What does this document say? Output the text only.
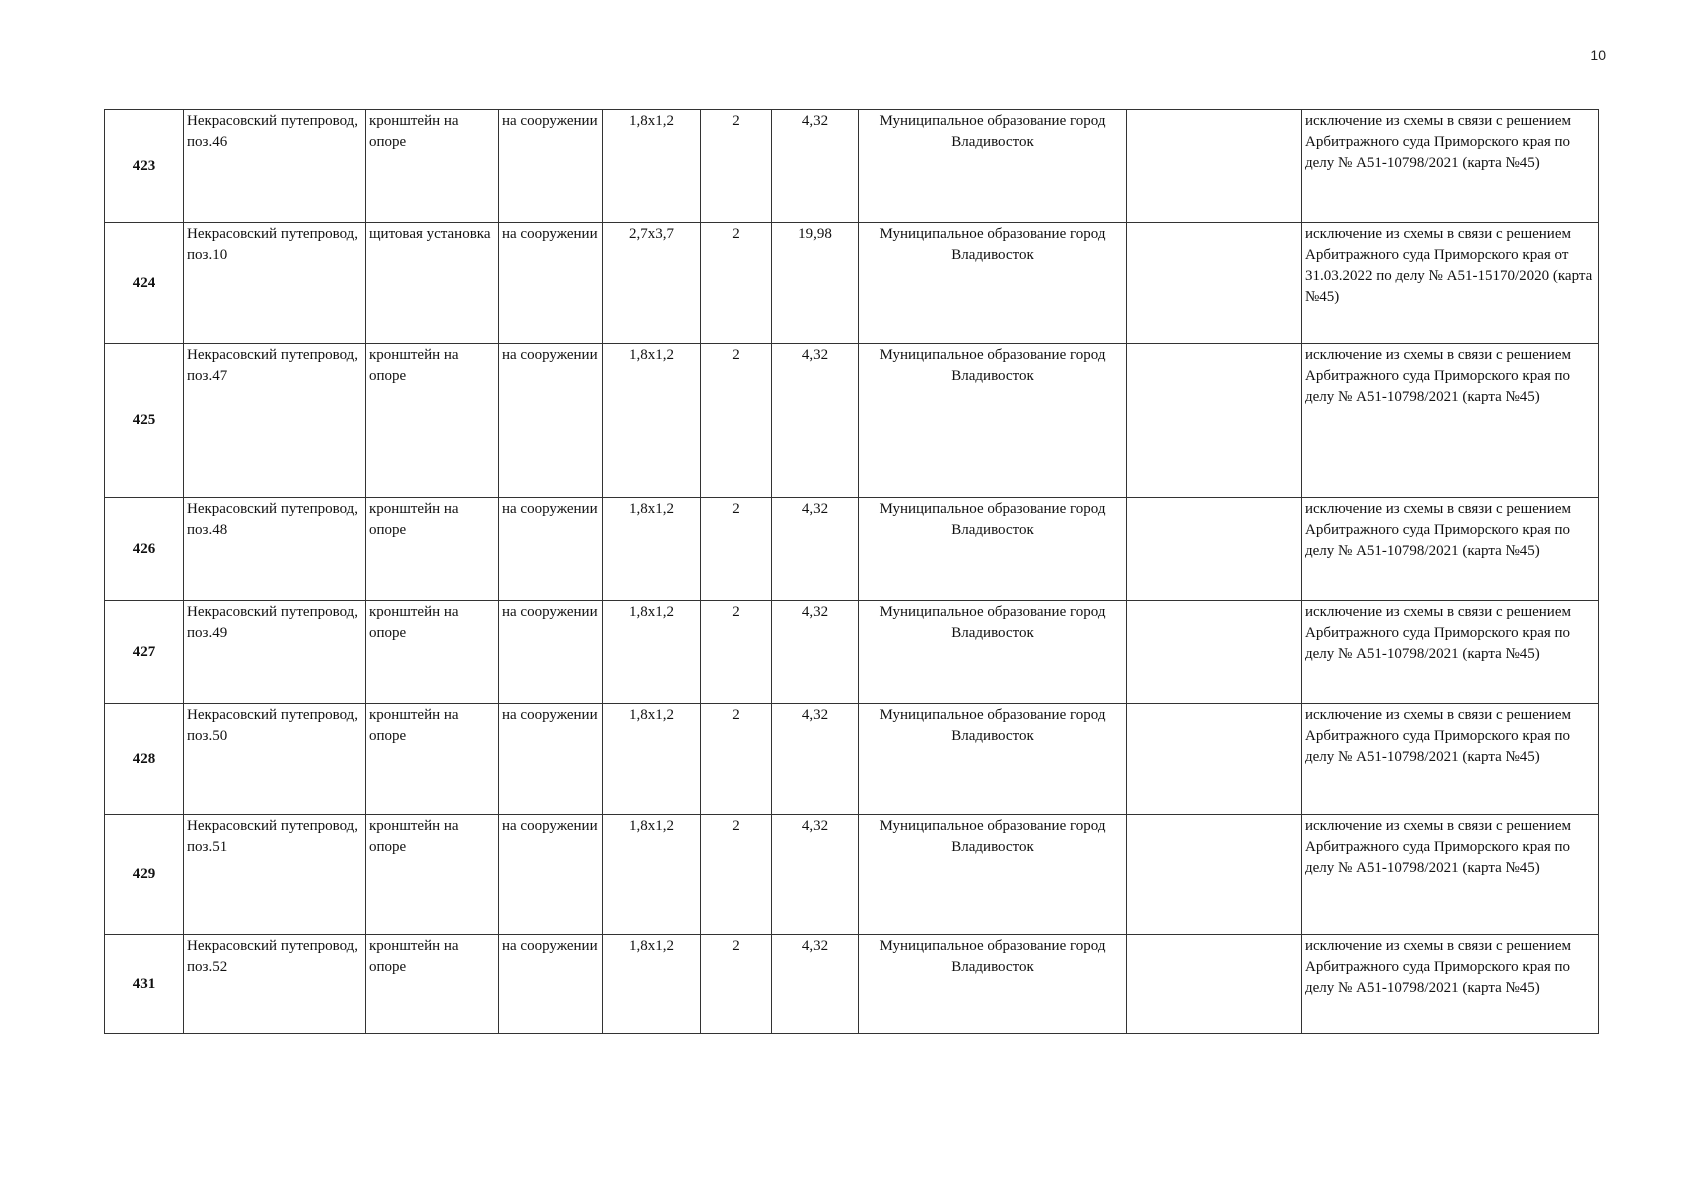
10
423	Некрасовский путепровод, поз.46	кронштейн на опоре	на сооружении	1,8х1,2	2	4,32	Муниципальное образование город Владивосток		исключение из схемы в связи с решением Арбитражного суда Приморского края по делу № А51-10798/2021 (карта №45)
424	Некрасовский путепровод, поз.10	щитовая установка	на сооружении	2,7х3,7	2	19,98	Муниципальное образование город Владивосток		исключение из схемы в связи с решением Арбитражного суда Приморского края от 31.03.2022 по делу № А51-15170/2020 (карта №45)
425	Некрасовский путепровод, поз.47	кронштейн на опоре	на сооружении	1,8х1,2	2	4,32	Муниципальное образование город Владивосток		исключение из схемы в связи с решением Арбитражного суда Приморского края по делу № А51-10798/2021 (карта №45)
426	Некрасовский путепровод, поз.48	кронштейн на опоре	на сооружении	1,8х1,2	2	4,32	Муниципальное образование город Владивосток		исключение из схемы в связи с решением Арбитражного суда Приморского края по делу № А51-10798/2021 (карта №45)
427	Некрасовский путепровод, поз.49	кронштейн на опоре	на сооружении	1,8х1,2	2	4,32	Муниципальное образование город Владивосток		исключение из схемы в связи с решением Арбитражного суда Приморского края по делу № А51-10798/2021 (карта №45)
428	Некрасовский путепровод, поз.50	кронштейн на опоре	на сооружении	1,8х1,2	2	4,32	Муниципальное образование город Владивосток		исключение из схемы в связи с решением Арбитражного суда Приморского края по делу № А51-10798/2021 (карта №45)
429	Некрасовский путепровод, поз.51	кронштейн на опоре	на сооружении	1,8х1,2	2	4,32	Муниципальное образование город Владивосток		исключение из схемы в связи с решением Арбитражного суда Приморского края по делу № А51-10798/2021 (карта №45)
431	Некрасовский путепровод, поз.52	кронштейн на опоре	на сооружении	1,8х1,2	2	4,32	Муниципальное образование город Владивосток		исключение из схемы в связи с решением Арбитражного суда Приморского края по делу № А51-10798/2021 (карта №45)
